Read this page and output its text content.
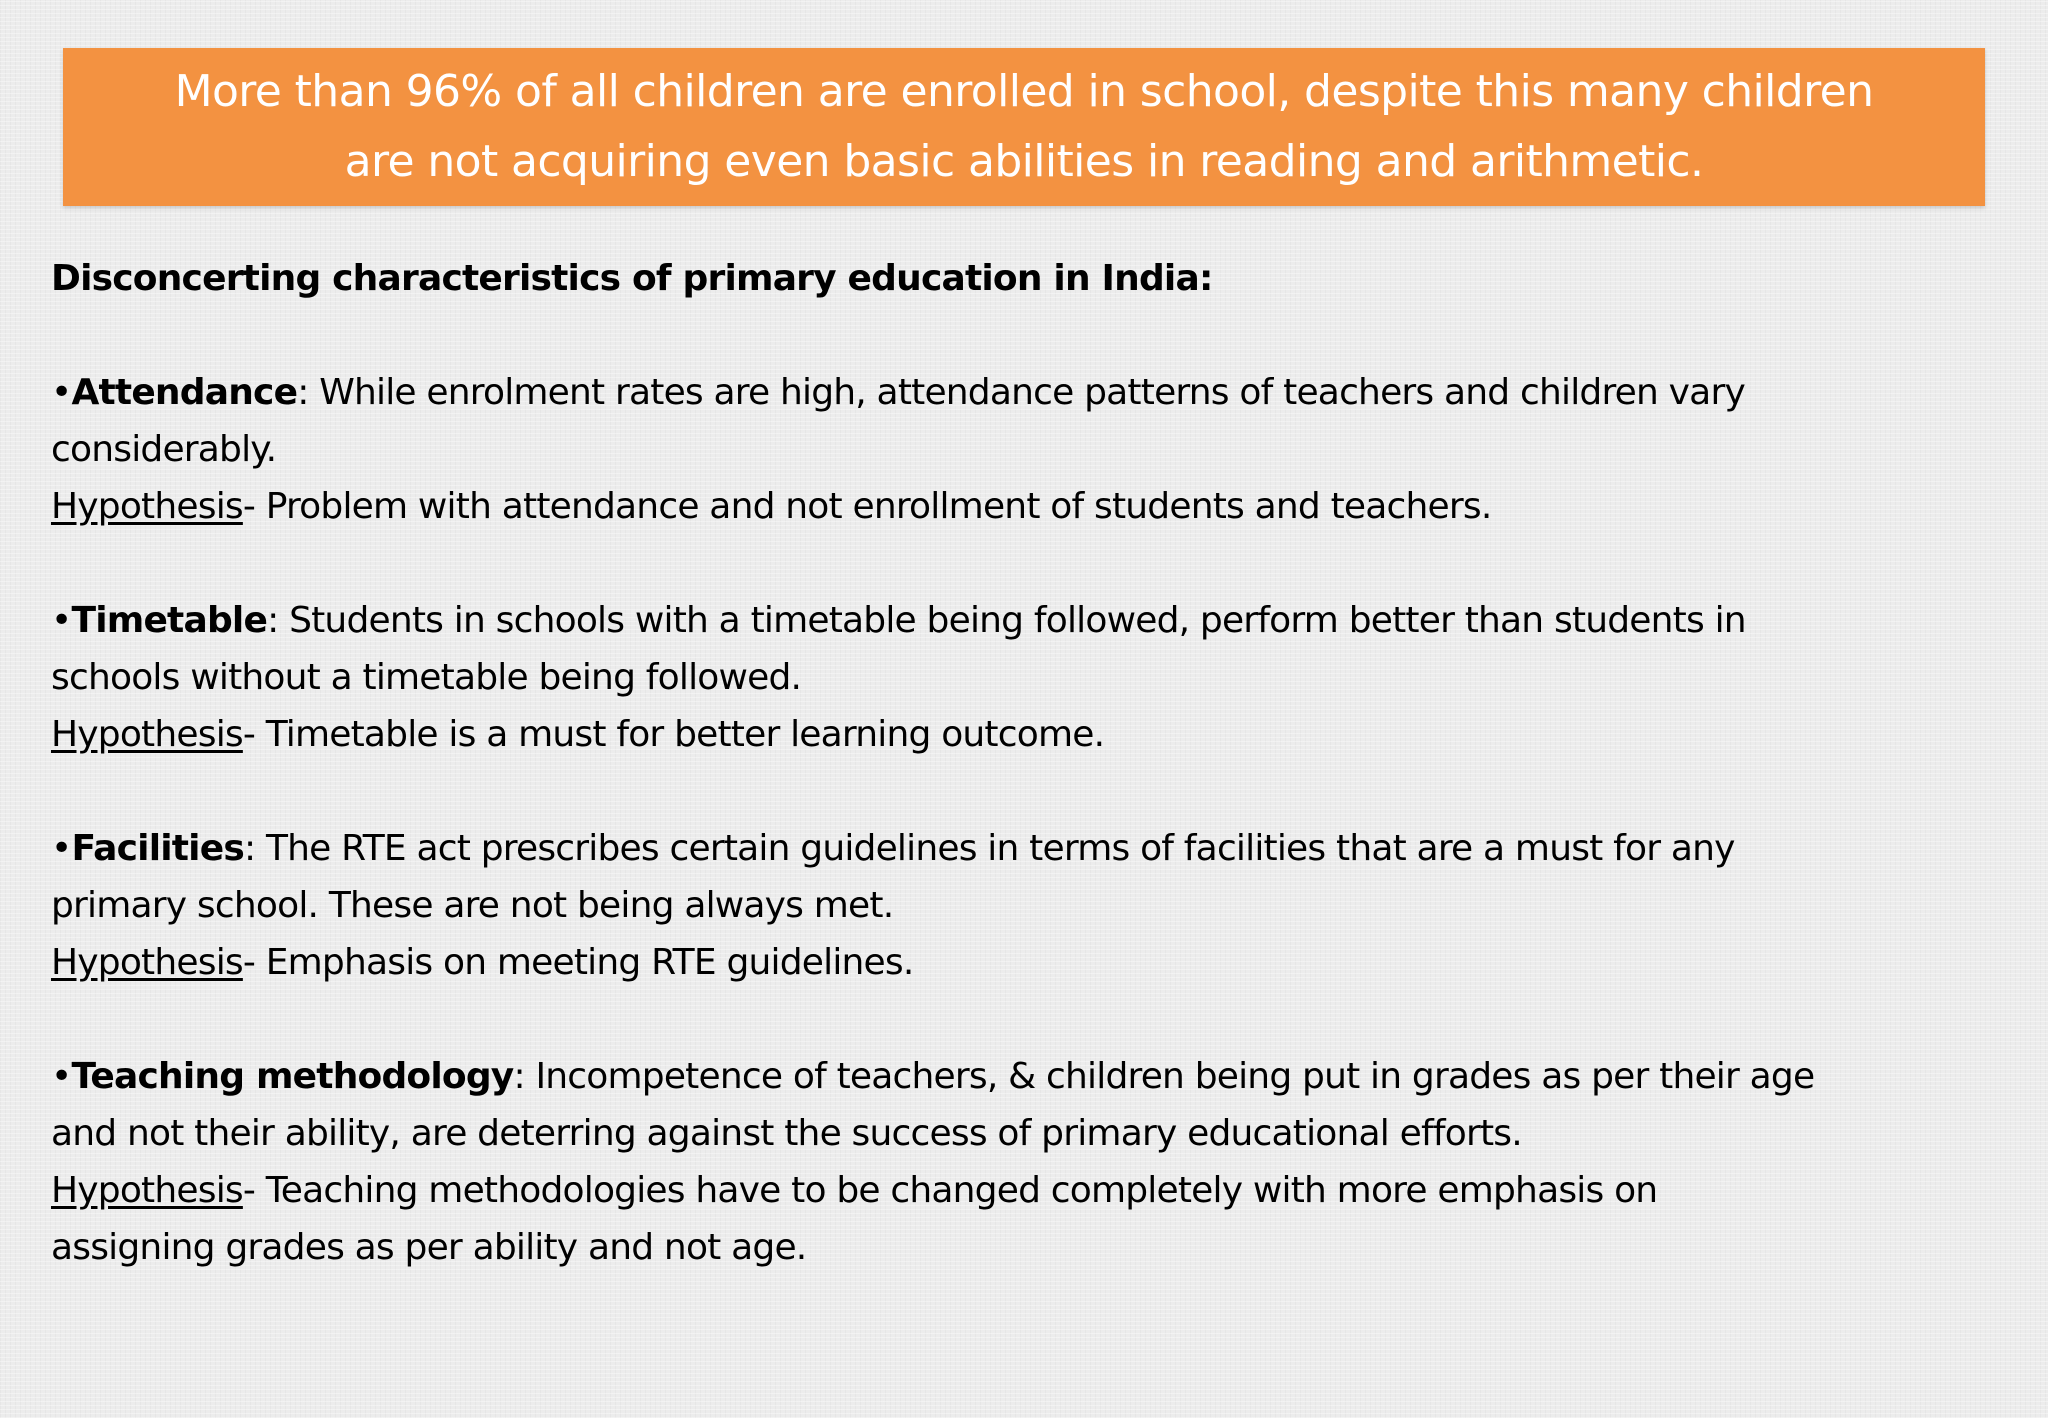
More than 96% of all children are enrolled in school, despite this many children
are not acquiring even basic abilities in reading and arithmetic.

Disconcerting characteristics of primary education in India:

•Attendance: While enrolment rates are high, attendance patterns of teachers and children vary

considerably.

Hypothesis- Problem with attendance and not enrollment of students and teachers.

•Timetable: Students in schools with a timetable being followed, perform better than students in

schools without a timetable being followed.

Hypothesis- Timetable is a must for better learning outcome.

•Facilities: The RTE act prescribes certain guidelines in terms of facilities that are a must for any

primary school. These are not being always met.

Hypothesis- Emphasis on meeting RTE guidelines.

•Teaching methodology: Incompetence of teachers, & children being put in grades as per their age

and not their ability, are deterring against the success of primary educational efforts.

Hypothesis- Teaching methodologies have to be changed completely with more emphasis on

assigning grades as per ability and not age.
